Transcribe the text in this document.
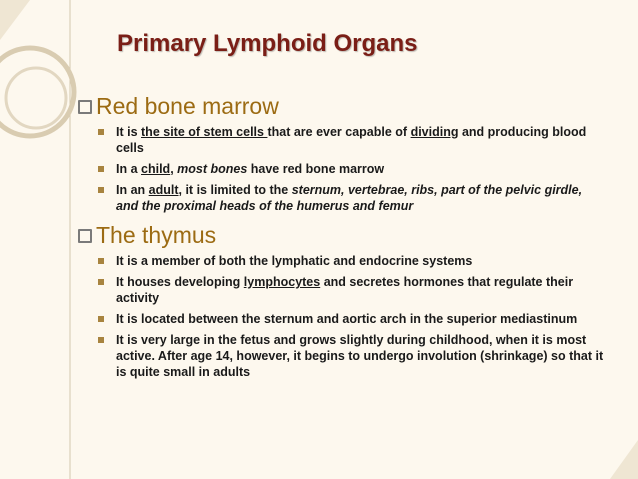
Primary Lymphoid Organs
Red bone marrow
It is the site of stem cells that are ever capable of dividing and producing blood cells
In a child, most bones have red bone marrow
In an adult, it is limited to the sternum, vertebrae, ribs, part of the pelvic girdle, and the proximal heads of the humerus and femur
The thymus
It is a member of both the lymphatic and endocrine systems
It houses developing lymphocytes and secretes hormones that regulate their activity
It is located between the sternum and aortic arch in the superior mediastinum
It is very large in the fetus and grows slightly during childhood, when it is most active. After age 14, however, it begins to undergo involution (shrinkage) so that it is quite small in adults
